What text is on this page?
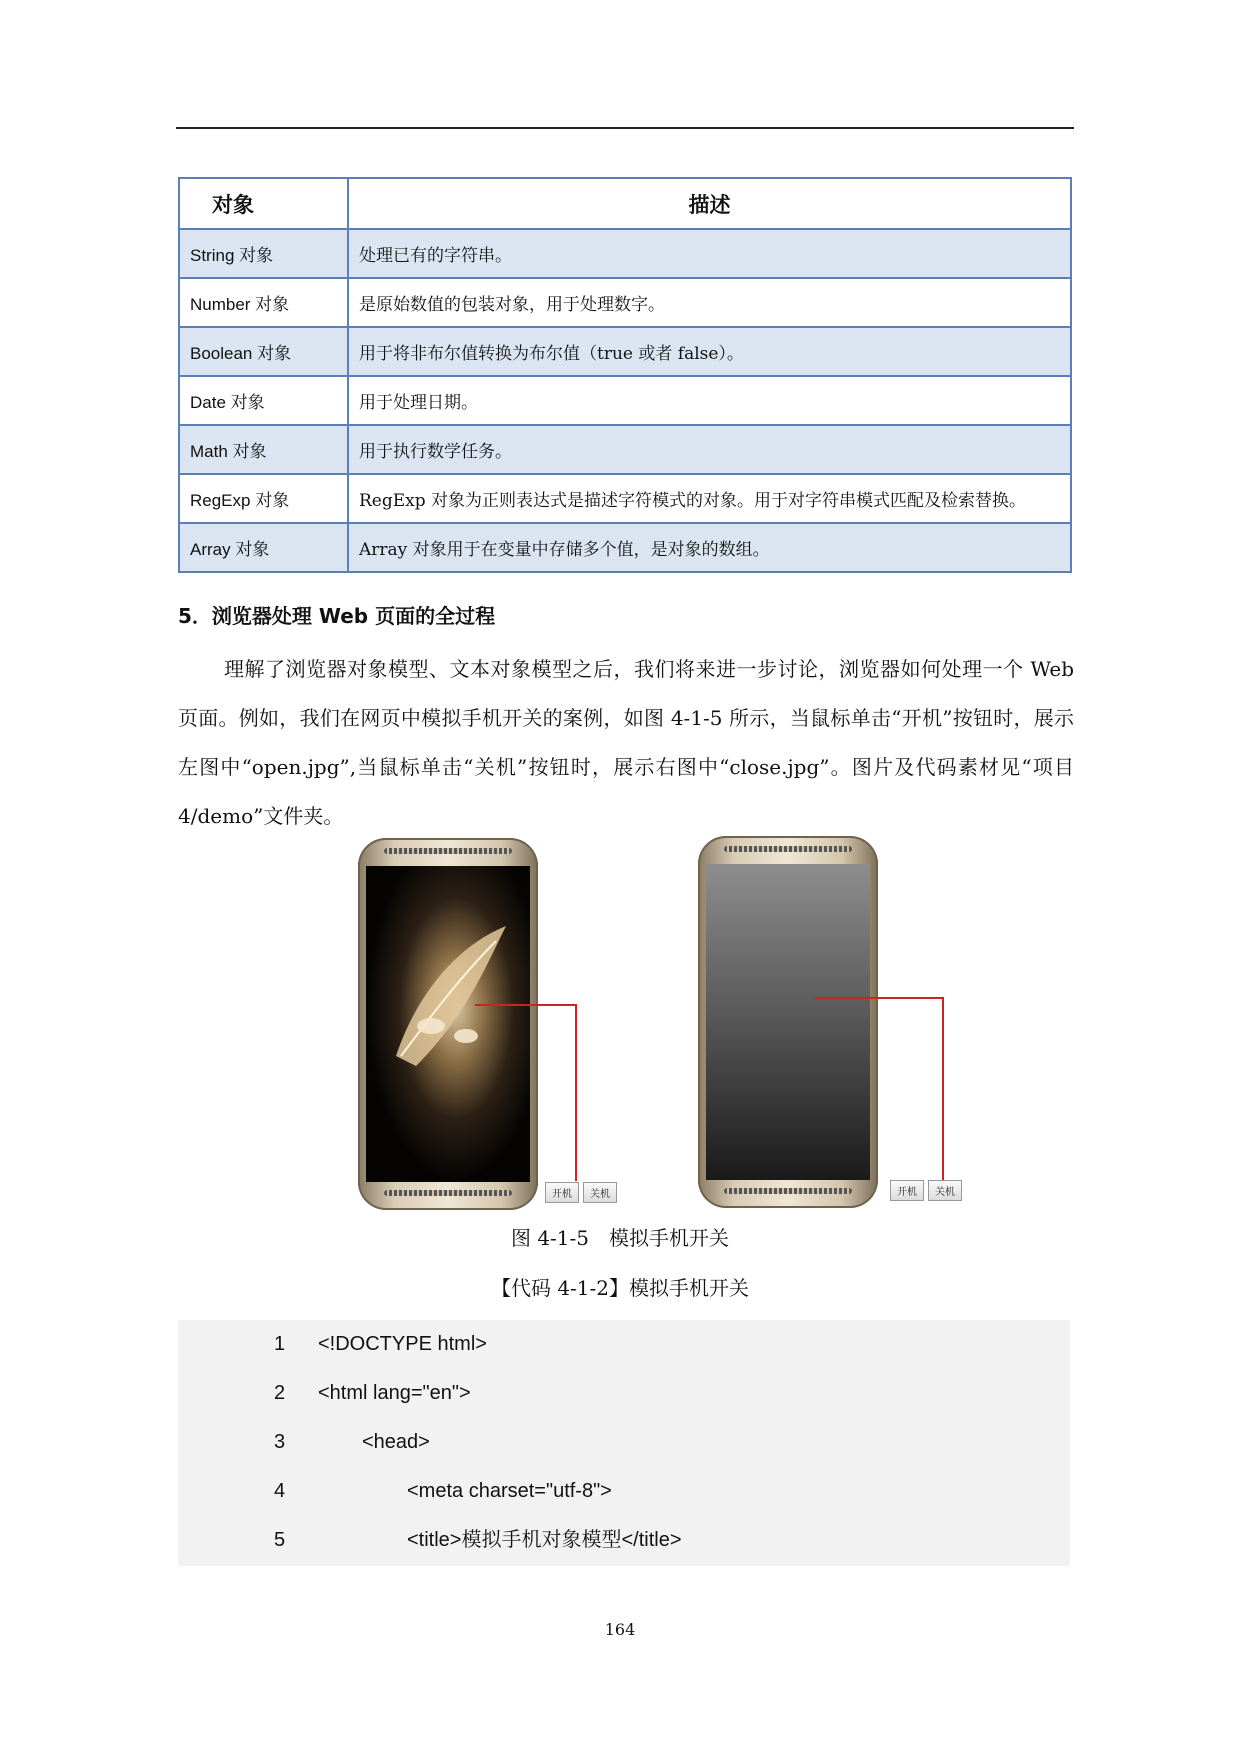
对象	描述
String 对象	处理已有的字符串。
Number 对象	是原始数值的包装对象，用于处理数字。
Boolean 对象	用于将非布尔值转换为布尔值（true 或者 false）。
Date 对象	用于处理日期。
Math 对象	用于执行数学任务。
RegExp 对象	RegExp 对象为正则表达式是描述字符模式的对象。用于对字符串模式匹配及检索替换。
Array 对象	Array 对象用于在变量中存储多个值，是对象的数组。
5．浏览器处理 Web 页面的全过程
理解了浏览器对象模型、文本对象模型之后，我们将来进一步讨论，浏览器如何处理一个 Web 页面。例如，我们在网页中模拟手机开关的案例，如图 4-1-5 所示，当鼠标单击“开机”按钮时，展示左图中“open.jpg”,当鼠标单击“关机”按钮时，展示右图中“close.jpg”。图片及代码素材见“项目 4/demo”文件夹。
开机	关机	开机	关机
图 4-1-5　模拟手机开关
【代码 4-1-2】模拟手机开关
1 <!DOCTYPE html>
2 <html lang="en">
3	<head>
4	<meta charset="utf-8">
5	<title>模拟手机对象模型</title>
164
